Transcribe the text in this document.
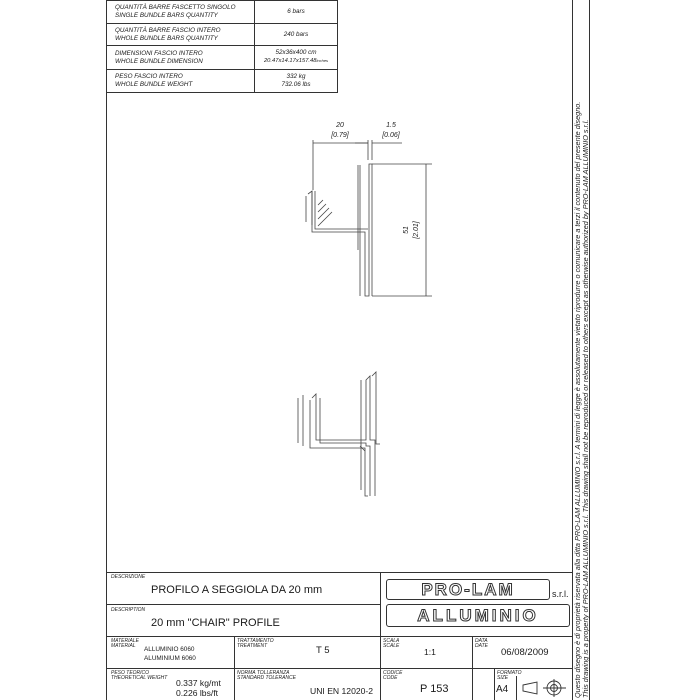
QUANTITÀ BARRE FASCETTO SINGOLO
SINGLE BUNDLE BARS QUANTITY
6 bars
QUANTITÀ BARRE FASCIO INTERO
WHOLE BUNDLE BARS QUANTITY
240 bars
DIMENSIONI FASCIO INTERO
WHOLE BUNDLE DIMENSION
52x36x400 cm
20.47x14.17x157.48inches
PESO FASCIO INTERO
WHOLE BUNDLE WEIGHT
332 kg
732.06 lbs
20
[0.79]
1.5
[0.06]
51 [2.01]
DESCRIZIONE
PROFILO A SEGGIOLA DA 20 mm
DESCRIPTION
20 mm "CHAIR" PROFILE
MATERIALE
MATERIAL ALLUMINIO 6060
ALUMINIUM 6060
TRATTAMENTO
TREATMENT	T 5
SCALA
SCALE
1:1
DATA
DATE
06/08/2009
PESO TEORICO
THEORETICAL WEIGHT 0.337 kg/mt
0.226 lbs/ft
NORMA TOLLERANZA
STANDARD TOLERANCE
UNI EN 12020-2
CODICE
CODE
P 153
FORMATO
SIZE
A4
PRO-LAM	s.r.l.
ALLUMINIO	Questo disegno è di proprietà riservata alla ditta PRO-LAM ALLUMINIO s.r.l. A termini di legge è assolutamente vietato riprodurre o comunicare a terzi il contenuto del presente disegno. This drawing is a property of PRO-LAM ALLUMINIO s.r.l. This drawing shall not be reproduced or released to others except as otherwise authorized by PRO-LAM ALLUMINIO s.r.l.
